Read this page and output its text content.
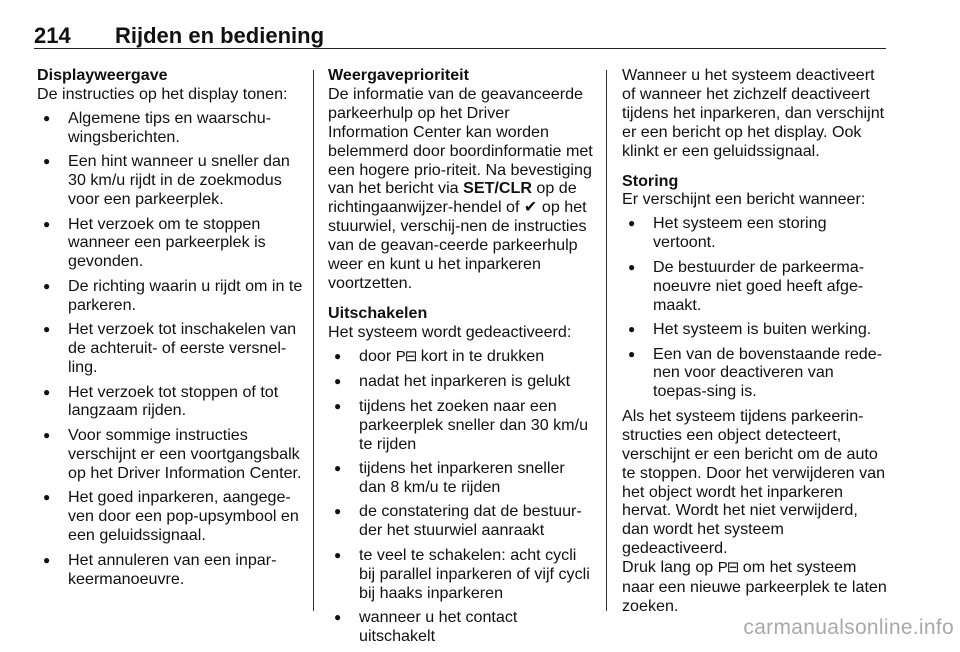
214 Rijden en bediening
Displayweergave

De instructies op het display tonen:

● Algemene tips en waarschu-wingsberichten.
● Een hint wanneer u sneller dan 30 km/u rijdt in de zoekmodus voor een parkeerplek.
● Het verzoek om te stoppen wanneer een parkeerplek is gevonden.
● De richting waarin u rijdt om in te parkeren.
● Het verzoek tot inschakelen van de achteruit- of eerste versnel-ling.
● Het verzoek tot stoppen of tot langzaam rijden.
● Voor sommige instructies verschijnt er een voortgangsbalk op het Driver Information Center.
● Het goed inparkeren, aangege-ven door een pop-upsymbool en een geluidssignaal.
● Het annuleren van een inpar-keermanoeuvre.
Weergaveprioriteit

De informatie van de geavanceerde parkeerhulp op het Driver Information Center kan worden belemmerd door boordinformatie met een hogere prio-riteit. Na bevestiging van het bericht via SET/CLR op de richtingaanwijzer-hendel of ✔ op het stuurwiel, verschij-nen de instructies van de geavan-ceerde parkeerhulp weer en kunt u het inparkeren voortzetten.

Uitschakelen

Het systeem wordt gedeactiveerd:

● door P⊟ kort in te drukken
● nadat het inparkeren is gelukt
● tijdens het zoeken naar een parkeerplek sneller dan 30 km/u te rijden
● tijdens het inparkeren sneller dan 8 km/u te rijden
● de constatering dat de bestuur-der het stuurwiel aanraakt
● te veel te schakelen: acht cycli bij parallel inparkeren of vijf cycli bij haaks inparkeren
● wanneer u het contact uitschakelt

Wanneer u het systeem deactiveert of wanneer het zichzelf deactiveert tijdens het inparkeren, dan verschijnt er een bericht op het display. Ook klinkt er een geluidssignaal.

Storing

Er verschijnt een bericht wanneer:

● Het systeem een storing vertoont.
● De bestuurder de parkeerma-noeuvre niet goed heeft afge-maakt.
● Het systeem is buiten werking.
● Een van de bovenstaande rede-nen voor deactiveren van toepas-sing is.

Als het systeem tijdens parkeerin-structies een object detecteert, verschijnt er een bericht om de auto te stoppen. Door het verwijderen van het object wordt het inparkeren hervat. Wordt het niet verwijderd, dan wordt het systeem gedeactiveerd.

Druk lang op P⊟ om het systeem naar een nieuwe parkeerplek te laten zoeken.

carmanualsonline.info
